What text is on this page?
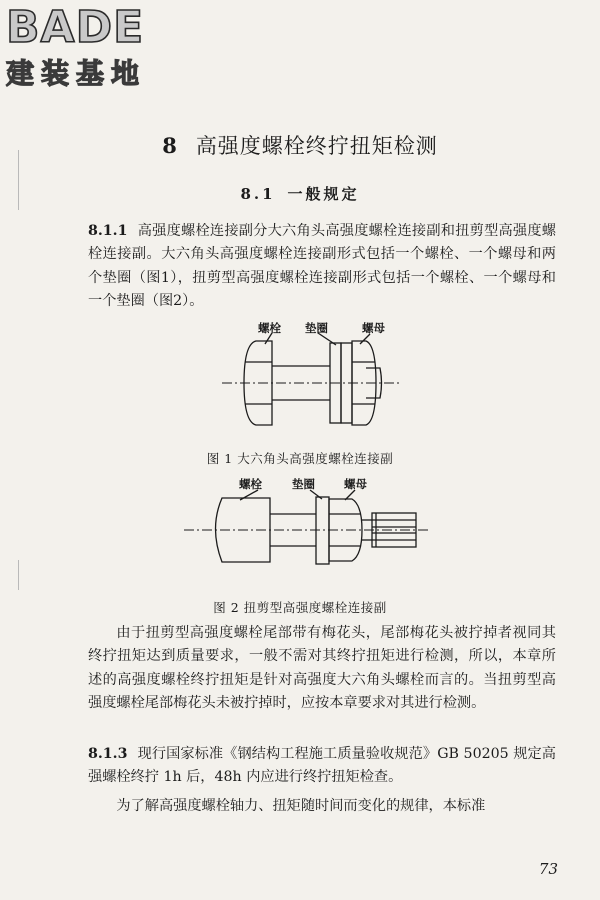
BADE
建装基地
8 高强度螺栓终拧扭矩检测
8.1 一般规定
8.1.1 高强度螺栓连接副分大六角头高强度螺栓连接副和扭剪型高强度螺栓连接副。大六角头高强度螺栓连接副形式包括一个螺栓、一个螺母和两个垫圈（图1），扭剪型高强度螺栓连接副形式包括一个螺栓、一个螺母和一个垫圈（图2）。
螺栓 垫圈	螺母
图 1 大六角头高强度螺栓连接副
螺栓	垫圈	螺母
图 2 扭剪型高强度螺栓连接副
由于扭剪型高强度螺栓尾部带有梅花头，尾部梅花头被拧掉者视同其终拧扭矩达到质量要求，一般不需对其终拧扭矩进行检测，所以，本章所述的高强度螺栓终拧扭矩是针对高强度大六角头螺栓而言的。当扭剪型高强度螺栓尾部梅花头未被拧掉时，应按本章要求对其进行检测。
8.1.3 现行国家标准《钢结构工程施工质量验收规范》GB 50205 规定高强螺栓终拧 1h 后，48h 内应进行终拧扭矩检查。
为了解高强度螺栓轴力、扭矩随时间而变化的规律，本标准
73
